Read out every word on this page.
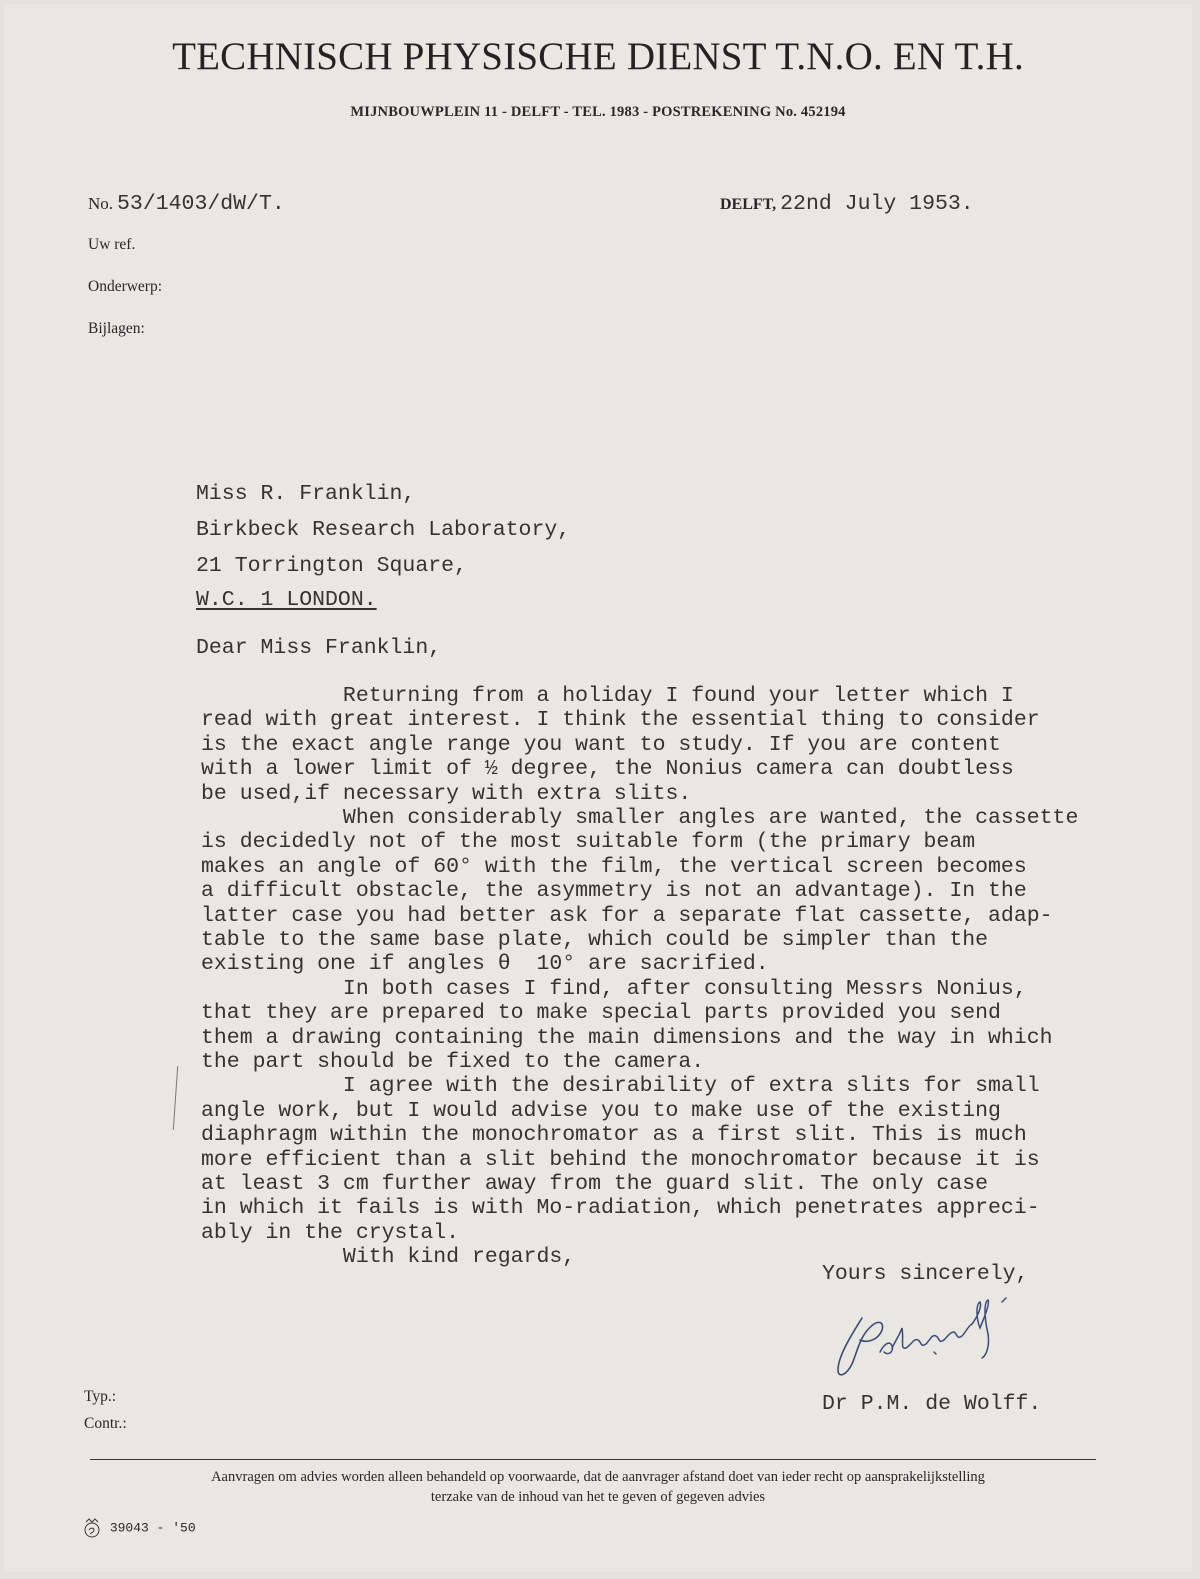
TECHNISCH PHYSISCHE DIENST T.N.O. EN T.H.
MIJNBOUWPLEIN 11 - DELFT - TEL. 1983 - POSTREKENING No. 452194
No. 53/1403/dW/T.	DELFT, 22nd July 1953.
Uw ref.
Onderwerp:
Bijlagen:
Miss R. Franklin,
Birkbeck Research Laboratory,
21 Torrington Square,
W.C. 1 LONDON.
Dear Miss Franklin,
Returning from a holiday I found your letter which I
read with great interest. I think the essential thing to consider
is the exact angle range you want to study. If you are content
with a lower limit of ½ degree, the Nonius camera can doubtless
be used,if necessary with extra slits.
When considerably smaller angles are wanted, the cassette
is decidedly not of the most suitable form (the primary beam
makes an angle of 60° with the film, the vertical screen becomes
a difficult obstacle, the asymmetry is not an advantage). In the
latter case you had better ask for a separate flat cassette, adap-
table to the same base plate, which could be simpler than the
existing one if angles θ  10° are sacrified.
In both cases I find, after consulting Messrs Nonius,
that they are prepared to make special parts provided you send
them a drawing containing the main dimensions and the way in which
the part should be fixed to the camera.
I agree with the desirability of extra slits for small
angle work, but I would advise you to make use of the existing
diaphragm within the monochromator as a first slit. This is much
more efficient than a slit behind the monochromator because it is
at least 3 cm further away from the guard slit. The only case
in which it fails is with Mo-radiation, which penetrates appreci-
ably in the crystal.
With kind regards,
Yours sincerely,
Dr P.M. de Wolff.
Typ.:
Contr.:
Aanvragen om advies worden alleen behandeld op voorwaarde, dat de aanvrager afstand doet van ieder recht op aansprakelijkstelling
terzake van de inhoud van het te geven of gegeven advies
39043 - '50
